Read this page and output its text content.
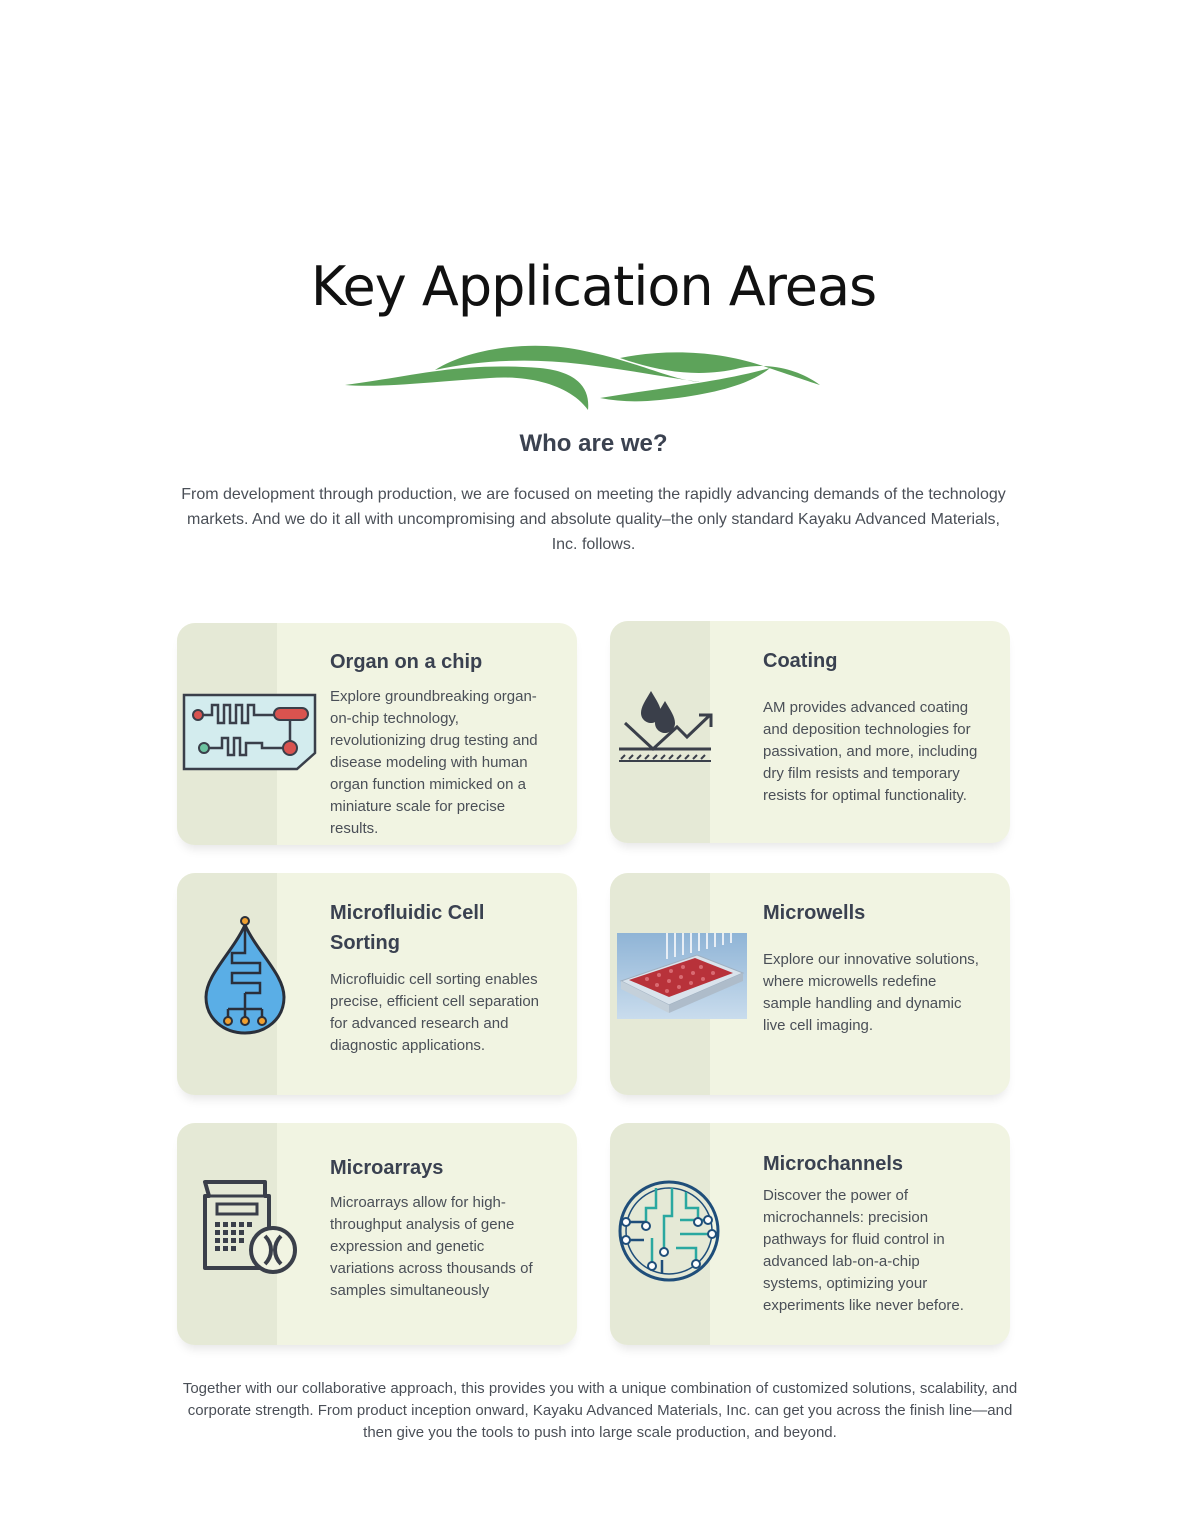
Key Application Areas
Who are we?
From development through production, we are focused on meeting the rapidly advancing demands of the technology markets. And we do it all with uncompromising and absolute quality–the only standard Kayaku Advanced Materials, Inc. follows.
Organ on a chip

Explore groundbreaking organ-on-chip technology, revolutionizing drug testing and disease modeling with human organ function mimicked on a miniature scale for precise results.

Coating

AM provides advanced coating and deposition technologies for passivation, and more, including dry film resists and temporary resists for optimal functionality.

Microfluidic Cell Sorting

Microfluidic cell sorting enables precise, efficient cell separation for advanced research and diagnostic applications.

Microwells

Explore our innovative solutions, where microwells redefine sample handling and dynamic live cell imaging.

Microarrays

Microarrays allow for high-throughput analysis of gene expression and genetic variations across thousands of samples simultaneously

Microchannels

Discover the power of microchannels: precision pathways for fluid control in advanced lab-on-a-chip systems, optimizing your experiments like never before.

Together with our collaborative approach, this provides you with a unique combination of customized solutions, scalability, and corporate strength. From product inception onward, Kayaku Advanced Materials, Inc. can get you across the finish line—and then give you the tools to push into large scale production, and beyond.
